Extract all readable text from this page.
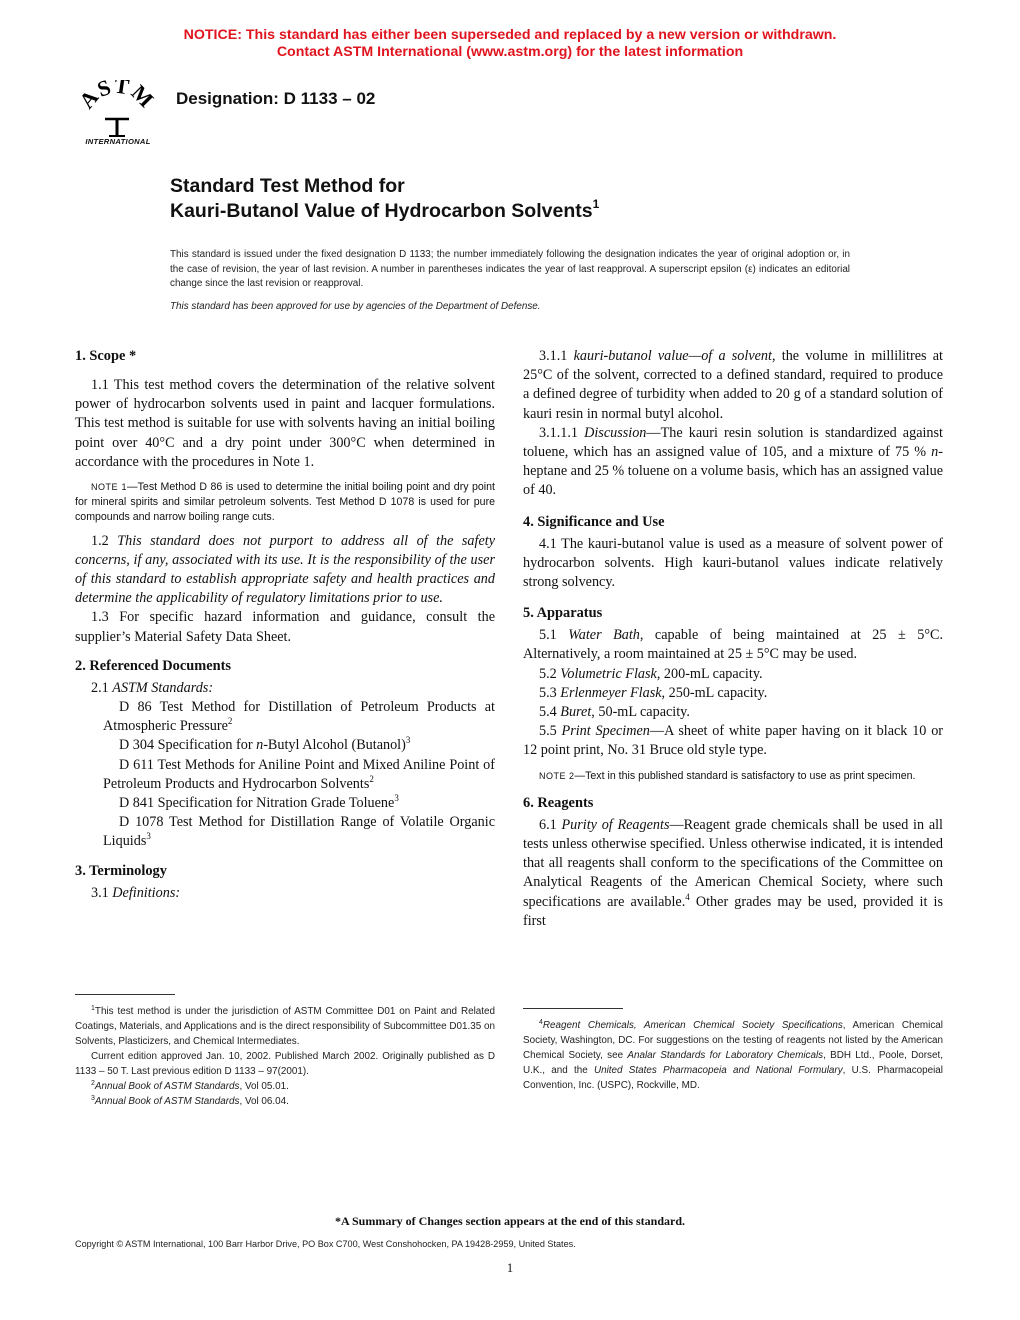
NOTICE: This standard has either been superseded and replaced by a new version or withdrawn.
Contact ASTM International (www.astm.org) for the latest information
ASTM
INTERNATIONAL
Designation: D 1133 – 02
Standard Test Method for
Kauri-Butanol Value of Hydrocarbon Solvents$^1$
This standard is issued under the fixed designation D 1133; the number immediately following the designation indicates the year of original adoption or, in the case of revision, the year of last revision. A number in parentheses indicates the year of last reapproval. A superscript epsilon (ε) indicates an editorial change since the last revision or reapproval.
This standard has been approved for use by agencies of the Department of Defense.
1. Scope *

1.1 This test method covers the determination of the relative solvent power of hydrocarbon solvents used in paint and lacquer formulations. This test method is suitable for use with solvents having an initial boiling point over 40°C and a dry point under 300°C when determined in accordance with the procedures in Note 1.

NOTE 1—Test Method D 86 is used to determine the initial boiling point and dry point for mineral spirits and similar petroleum solvents. Test Method D 1078 is used for pure compounds and narrow boiling range cuts.

1.2 This standard does not purport to address all of the safety concerns, if any, associated with its use. It is the responsibility of the user of this standard to establish appropriate safety and health practices and determine the applicability of regulatory limitations prior to use.

1.3 For specific hazard information and guidance, consult the supplier’s Material Safety Data Sheet.

2. Referenced Documents

2.1 ASTM Standards:

D 86 Test Method for Distillation of Petroleum Products at Atmospheric Pressure$^2$

D 304 Specification for n-Butyl Alcohol (Butanol)$^3$

D 611 Test Methods for Aniline Point and Mixed Aniline Point of Petroleum Products and Hydrocarbon Solvents$^2$

D 841 Specification for Nitration Grade Toluene$^3$

D 1078 Test Method for Distillation Range of Volatile Organic Liquids$^3$

3. Terminology

3.1 Definitions:

3.1.1 kauri-butanol value—of a solvent, the volume in millilitres at 25°C of the solvent, corrected to a defined standard, required to produce a defined degree of turbidity when added to 20 g of a standard solution of kauri resin in normal butyl alcohol.

3.1.1.1 Discussion—The kauri resin solution is standardized against toluene, which has an assigned value of 105, and a mixture of 75 % n-heptane and 25 % toluene on a volume basis, which has an assigned value of 40.

4. Significance and Use

4.1 The kauri-butanol value is used as a measure of solvent power of hydrocarbon solvents. High kauri-butanol values indicate relatively strong solvency.

5. Apparatus

5.1 Water Bath, capable of being maintained at 25 ± 5°C. Alternatively, a room maintained at 25 ± 5°C may be used.

5.2 Volumetric Flask, 200-mL capacity.

5.3 Erlenmeyer Flask, 250-mL capacity.

5.4 Buret, 50-mL capacity.

5.5 Print Specimen—A sheet of white paper having on it black 10 or 12 point print, No. 31 Bruce old style type.

NOTE 2—Text in this published standard is satisfactory to use as print specimen.

6. Reagents

6.1 Purity of Reagents—Reagent grade chemicals shall be used in all tests unless otherwise specified. Unless otherwise indicated, it is intended that all reagents shall conform to the specifications of the Committee on Analytical Reagents of the American Chemical Society, where such specifications are available.$^4$ Other grades may be used, provided it is first

$^1$This test method is under the jurisdiction of ASTM Committee D01 on Paint and Related Coatings, Materials, and Applications and is the direct responsibility of Subcommittee D01.35 on Solvents, Plasticizers, and Chemical Intermediates.

Current edition approved Jan. 10, 2002. Published March 2002. Originally published as D 1133 – 50 T. Last previous edition D 1133 – 97(2001).

$^2$Annual Book of ASTM Standards, Vol 05.01.

$^3$Annual Book of ASTM Standards, Vol 06.04.

$^4$Reagent Chemicals, American Chemical Society Specifications, American Chemical Society, Washington, DC. For suggestions on the testing of reagents not listed by the American Chemical Society, see Analar Standards for Laboratory Chemicals, BDH Ltd., Poole, Dorset, U.K., and the United States Pharmacopeia and National Formulary, U.S. Pharmacopeial Convention, Inc. (USPC), Rockville, MD.

*A Summary of Changes section appears at the end of this standard.
Copyright © ASTM International, 100 Barr Harbor Drive, PO Box C700, West Conshohocken, PA 19428-2959, United States.
1
